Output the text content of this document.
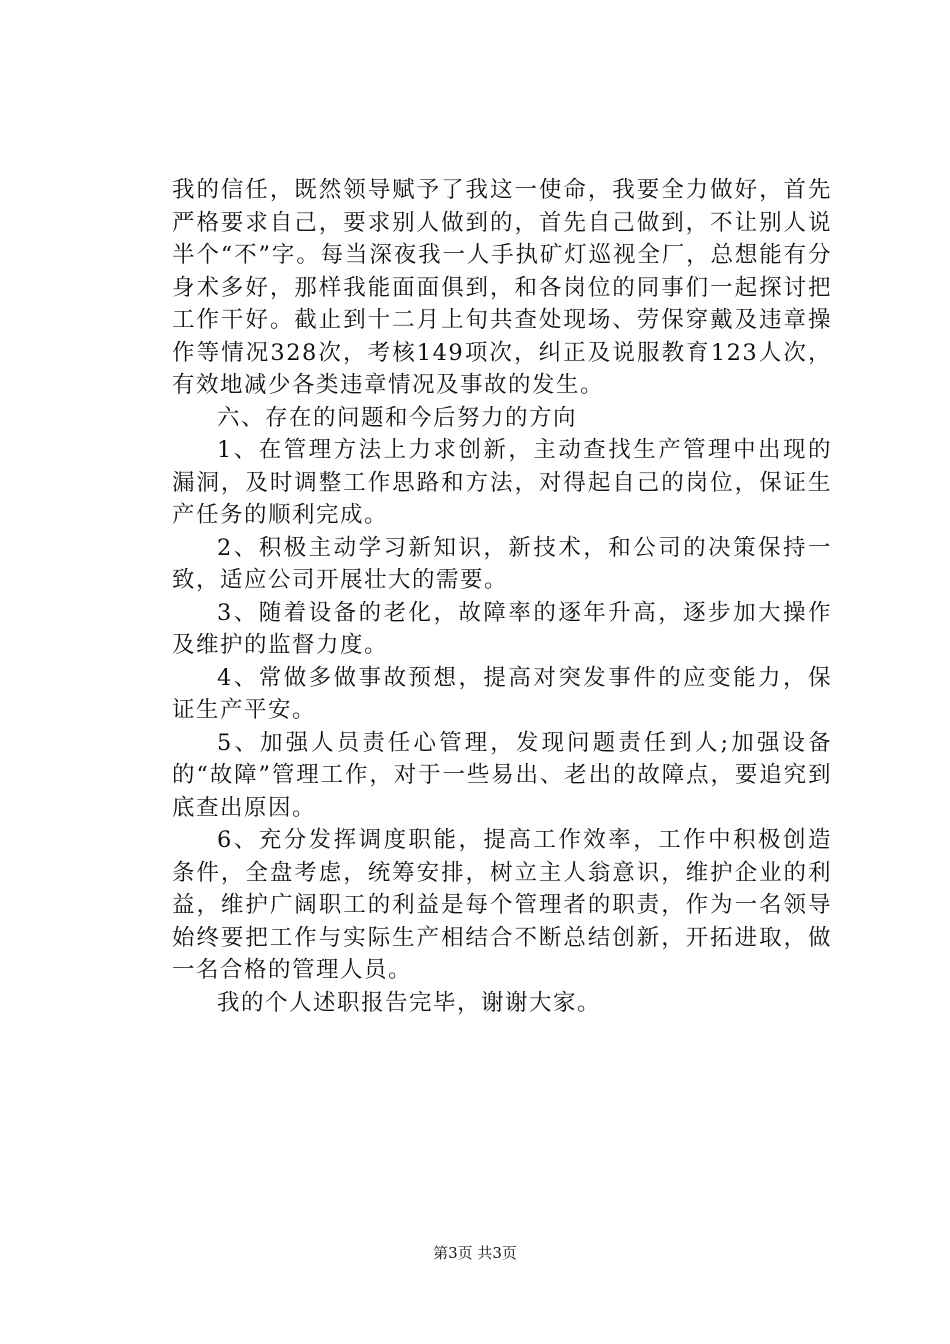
我的信任，既然领导赋予了我这一使命，我要全力做好，首先严格要求自己，要求别人做到的，首先自己做到，不让别人说半个“不”字。每当深夜我一人手执矿灯巡视全厂，总想能有分身术多好，那样我能面面俱到，和各岗位的同事们一起探讨把工作干好。截止到十二月上旬共查处现场、劳保穿戴及违章操作等情况328次，考核149项次，纠正及说服教育123人次，有效地减少各类违章情况及事故的发生。

六、存在的问题和今后努力的方向

1、在管理方法上力求创新，主动查找生产管理中出现的漏洞，及时调整工作思路和方法，对得起自己的岗位，保证生产任务的顺利完成。

2、积极主动学习新知识，新技术，和公司的决策保持一致，适应公司开展壮大的需要。

3、随着设备的老化，故障率的逐年升高，逐步加大操作及维护的监督力度。

4、常做多做事故预想，提高对突发事件的应变能力，保证生产平安。

5、加强人员责任心管理，发现问题责任到人;加强设备的“故障”管理工作，对于一些易出、老出的故障点，要追究到底查出原因。

6、充分发挥调度职能，提高工作效率，工作中积极创造条件，全盘考虑，统筹安排，树立主人翁意识，维护企业的利益，维护广阔职工的利益是每个管理者的职责，作为一名领导始终要把工作与实际生产相结合不断总结创新，开拓进取，做一名合格的管理人员。

我的个人述职报告完毕，谢谢大家。

第3页 共3页
